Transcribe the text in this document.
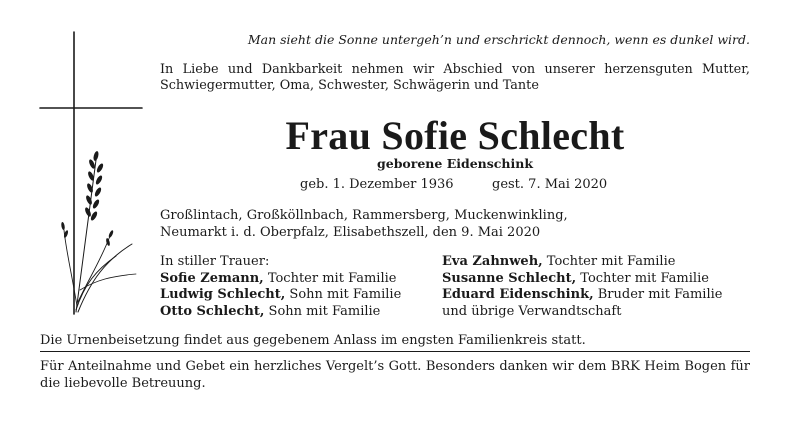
Man sieht die Sonne untergeh’n und erschrickt dennoch, wenn es dunkel wird.
In Liebe und Dankbarkeit nehmen wir Abschied von unserer herzensguten Mutter, Schwiegermutter, Oma, Schwester, Schwägerin und Tante
Frau Sofie Schlecht
geborene Eidenschink
geb. 1. Dezember 1936	gest. 7. Mai 2020
Großlintach, Großköllnbach, Rammersberg, Muckenwinkling,
Neumarkt i. d. Oberpfalz, Elisabethszell, den 9. Mai 2020
In stiller Trauer:
Sofie Zemann, Tochter mit Familie
Ludwig Schlecht, Sohn mit Familie
Otto Schlecht, Sohn mit Familie
Eva Zahnweh, Tochter mit Familie
Susanne Schlecht, Tochter mit Familie
Eduard Eidenschink, Bruder mit Familie
und übrige Verwandtschaft
Die Urnenbeisetzung findet aus gegebenem Anlass im engsten Familienkreis statt.
Für Anteilnahme und Gebet ein herzliches Vergelt’s Gott. Besonders danken wir dem BRK Heim Bogen für die liebevolle Betreuung.
